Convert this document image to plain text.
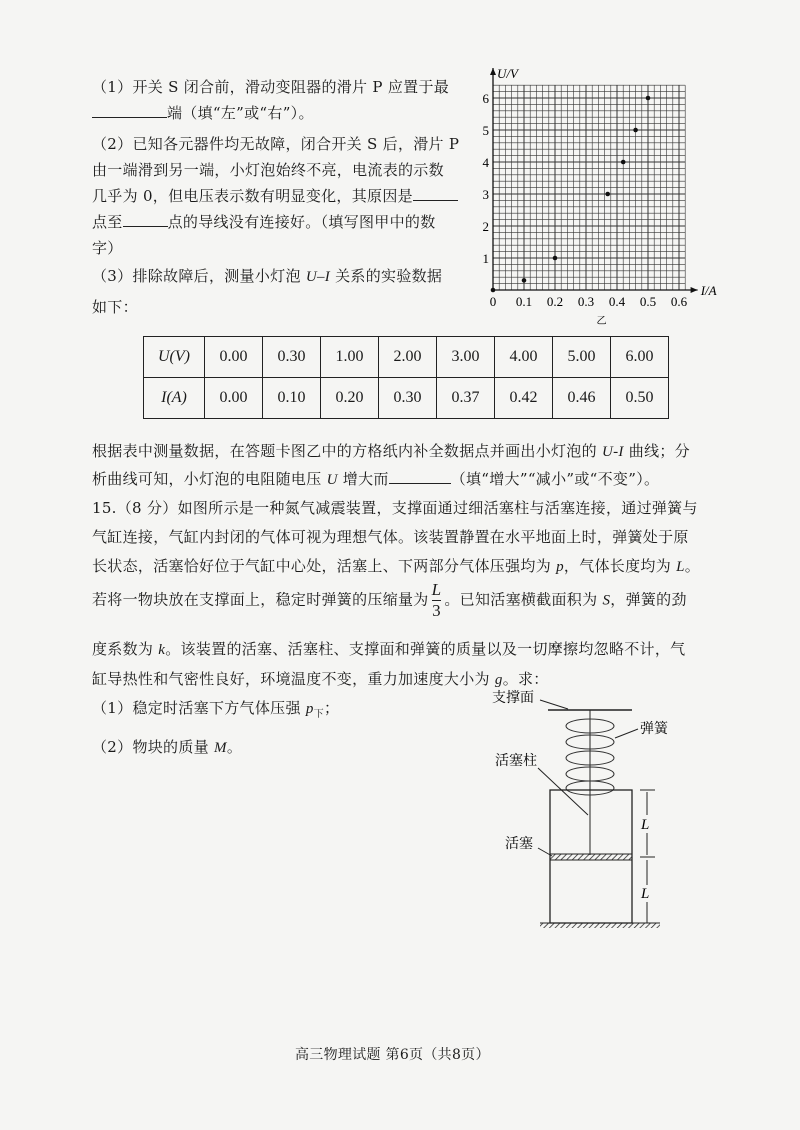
（1）开关 S 闭合前，滑动变阻器的滑片 P 应置于最
端（填“左”或“右”）。
（2）已知各元器件均无故障，闭合开关 S 后，滑片 P
由一端滑到另一端，小灯泡始终不亮，电流表的示数
几乎为 0，但电压表示数有明显变化，其原因是
点至	点的导线没有连接好。（填写图甲中的数
字）
（3）排除故障后，测量小灯泡 U–I 关系的实验数据
如下：
U/V
I/A
0 0.1 0.2 0.3 0.4 0.5 0.6
1
2
3
4
5
6
乙
U(V)	0.00	0.30	1.00	2.00	3.00	4.00	5.00	6.00
I(A)	0.00	0.10	0.20	0.30	0.37	0.42	0.46	0.50
根据表中测量数据，在答题卡图乙中的方格纸内补全数据点并画出小灯泡的 U-I 曲线；分
析曲线可知，小灯泡的电阻随电压 U 增大而	（填“增大”“减小”或“不变”）。
15.（8 分）如图所示是一种氮气减震装置，支撑面通过细活塞柱与活塞连接，通过弹簧与
气缸连接，气缸内封闭的气体可视为理想气体。该装置静置在水平地面上时，弹簧处于原
长状态，活塞恰好位于气缸中心处，活塞上、下两部分气体压强均为 p，气体长度均为 L。
若将一物块放在支撑面上，稳定时弹簧的压缩量为 $\frac{L}{3}$ 。已知活塞横截面积为 S，弹簧的劲
度系数为 k。该装置的活塞、活塞柱、支撑面和弹簧的质量以及一切摩擦均忽略不计，气
缸导热性和气密性良好，环境温度不变，重力加速度大小为 g。求：
（1）稳定时活塞下方气体压强 $p_下$；
（2）物块的质量 M。
支撑面
弹簧
活塞柱
活塞
L
L
高三物理试题 第6页（共8页）
